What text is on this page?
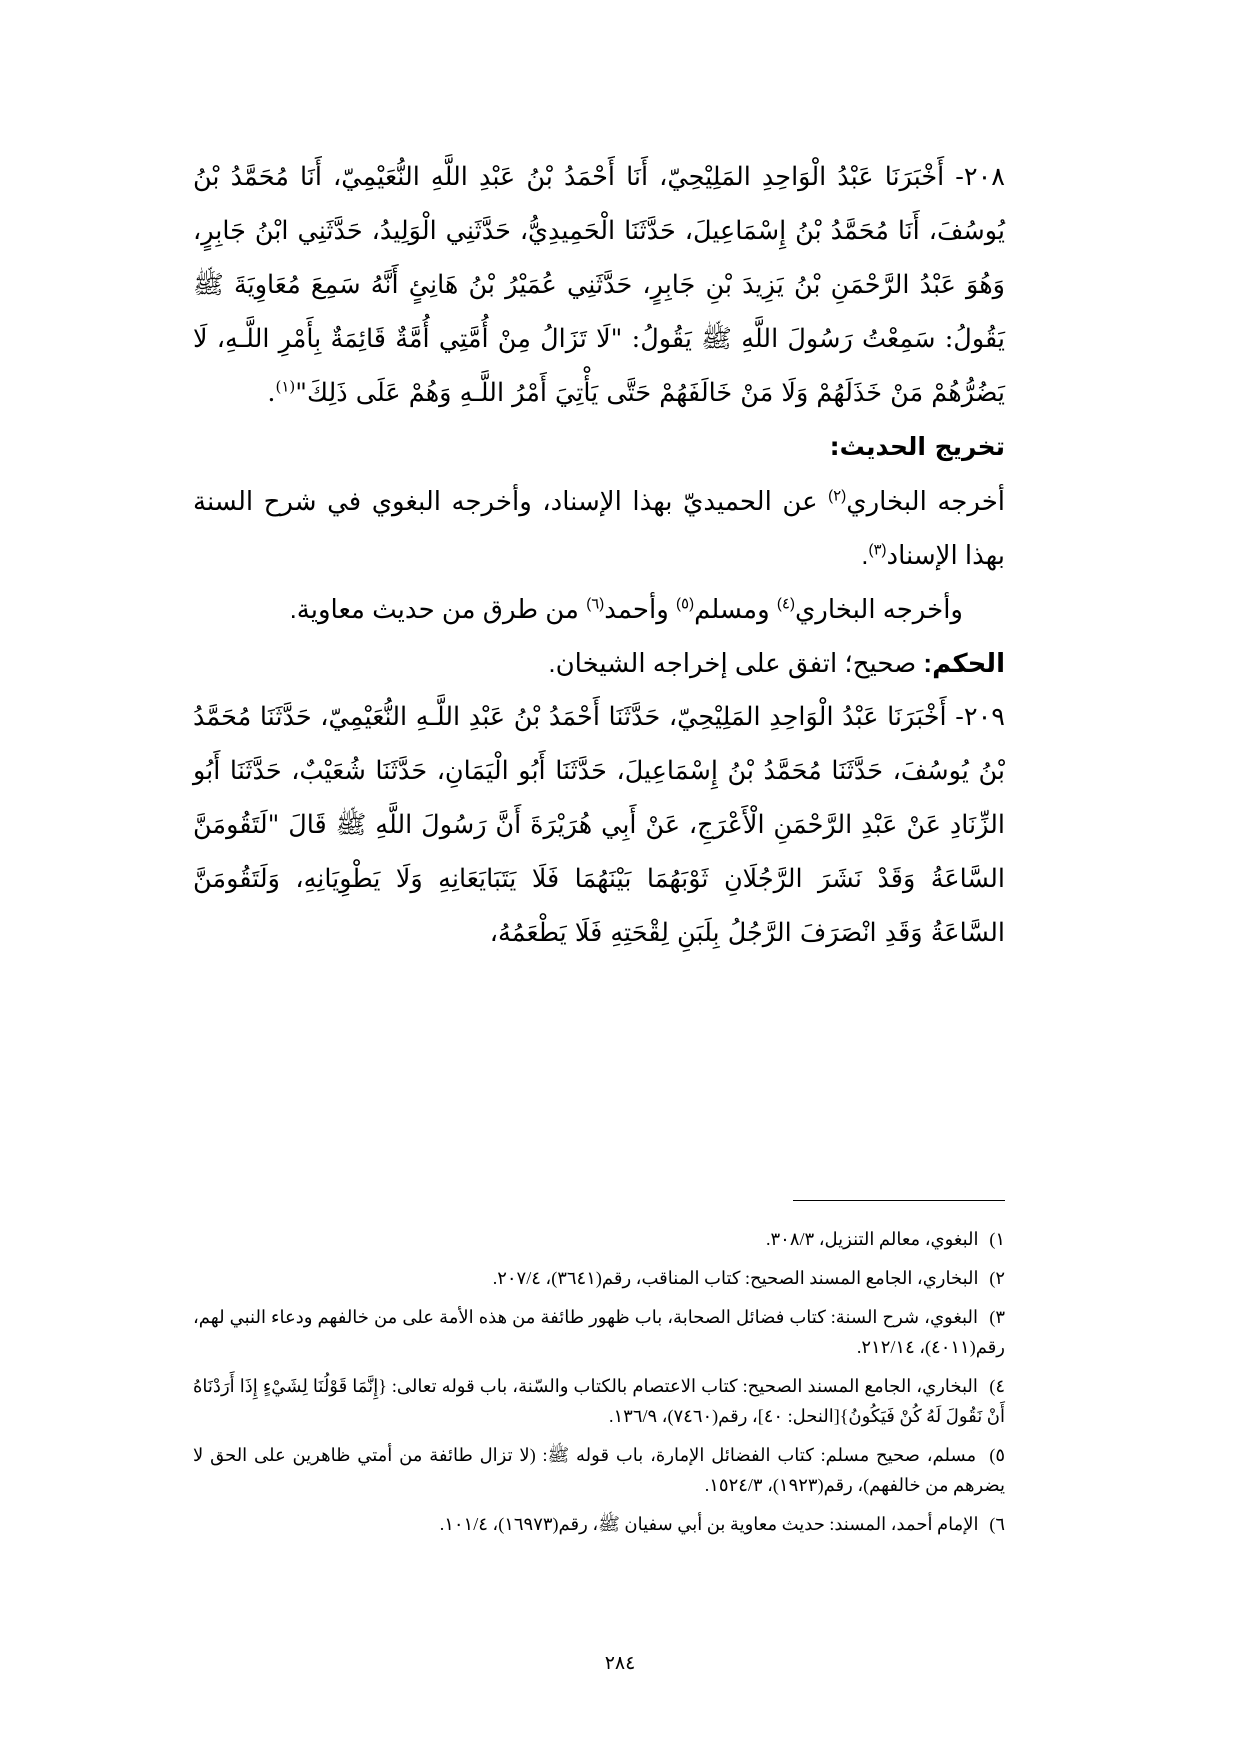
٢٠٨- أَخْبَرَنَا عَبْدُ الْوَاحِدِ المَلِيْحِيّ، أَنَا أَحْمَدُ بْنُ عَبْدِ اللَّهِ النُّعَيْمِيّ، أَنَا مُحَمَّدُ بْنُ يُوسُفَ، أَنَا مُحَمَّدُ بْنُ إِسْمَاعِيلَ، حَدَّثَنَا الْحَمِيدِيُّ، حَدَّثَنِي الْوَلِيدُ، حَدَّثَنِي ابْنُ جَابِرٍ، وَهُوَ عَبْدُ الرَّحْمَنِ بْنُ يَزِيدَ بْنِ جَابِرٍ، حَدَّثَنِي عُمَيْرُ بْنُ هَانِئٍ أَنَّهُ سَمِعَ مُعَاوِيَةَ ﷺ يَقُولُ: سَمِعْتُ رَسُولَ اللَّهِ ﷺ يَقُولُ: "لَا تَزَالُ مِنْ أُمَّتِي أُمَّةٌ قَائِمَةٌ بِأَمْرِ اللَّـهِ، لَا يَضُرُّهُمْ مَنْ خَذَلَهُمْ وَلَا مَنْ خَالَفَهُمْ حَتَّى يَأْتِيَ أَمْرُ اللَّـهِ وَهُمْ عَلَى ذَلِكَ"$^{(١)}$.

تخريج الحديث:

أخرجه البخاري$^{(٢)}$ عن الحميديّ بهذا الإسناد، وأخرجه البغوي في شرح السنة بهذا الإسناد$^{(٣)}$.

وأخرجه البخاري$^{(٤)}$ ومسلم$^{(٥)}$ وأحمد$^{(٦)}$ من طرق من حديث معاوية.

الحكم: صحيح؛ اتفق على إخراجه الشيخان.

٢٠٩- أَخْبَرَنَا عَبْدُ الْوَاحِدِ المَلِيْحِيّ، حَدَّثَنَا أَحْمَدُ بْنُ عَبْدِ اللَّـهِ النُّعَيْمِيّ، حَدَّثَنَا مُحَمَّدُ بْنُ يُوسُفَ، حَدَّثَنَا مُحَمَّدُ بْنُ إِسْمَاعِيلَ، حَدَّثَنَا أَبُو الْيَمَانِ، حَدَّثَنَا شُعَيْبٌ، حَدَّثَنَا أَبُو الزِّنَادِ عَنْ عَبْدِ الرَّحْمَنِ الْأَعْرَجِ، عَنْ أَبِي هُرَيْرَةَ أَنَّ رَسُولَ اللَّهِ ﷺ قَالَ "لَتَقُومَنَّ السَّاعَةُ وَقَدْ نَشَرَ الرَّجُلَانِ ثَوْبَهُمَا بَيْنَهُمَا فَلَا يَتَبَايَعَانِهِ وَلَا يَطْوِيَانِهِ، وَلَتَقُومَنَّ السَّاعَةُ وَقَدِ انْصَرَفَ الرَّجُلُ بِلَبَنِ لِقْحَتِهِ فَلَا يَطْعَمُهُ،

١) البغوي، معالم التنزيل، ٣٠٨/٣.

٢) البخاري، الجامع المسند الصحيح: كتاب المناقب، رقم(٣٦٤١)، ٢٠٧/٤.

٣) البغوي، شرح السنة: كتاب فضائل الصحابة، باب ظهور طائفة من هذه الأمة على من خالفهم ودعاء النبي لهم، رقم(٤٠١١)، ٢١٢/١٤.

٤) البخاري، الجامع المسند الصحيح: كتاب الاعتصام بالكتاب والسّنة، باب قوله تعالى: {إِنَّمَا قَوْلُنَا لِشَيْءٍ إِذَا أَرَدْنَاهُ أَنْ نَقُولَ لَهُ كُنْ فَيَكُونُ}[النحل: ٤٠]، رقم(٧٤٦٠)، ١٣٦/٩.

٥) مسلم، صحيح مسلم: كتاب الفضائل الإمارة، باب قوله ﷺ: (لا تزال طائفة من أمتي ظاهرين على الحق لا يضرهم من خالفهم)، رقم(١٩٢٣)، ١٥٢٤/٣.

٦) الإمام أحمد، المسند: حديث معاوية بن أبي سفيان ﷺ، رقم(١٦٩٧٣)، ١٠١/٤.

٢٨٤
